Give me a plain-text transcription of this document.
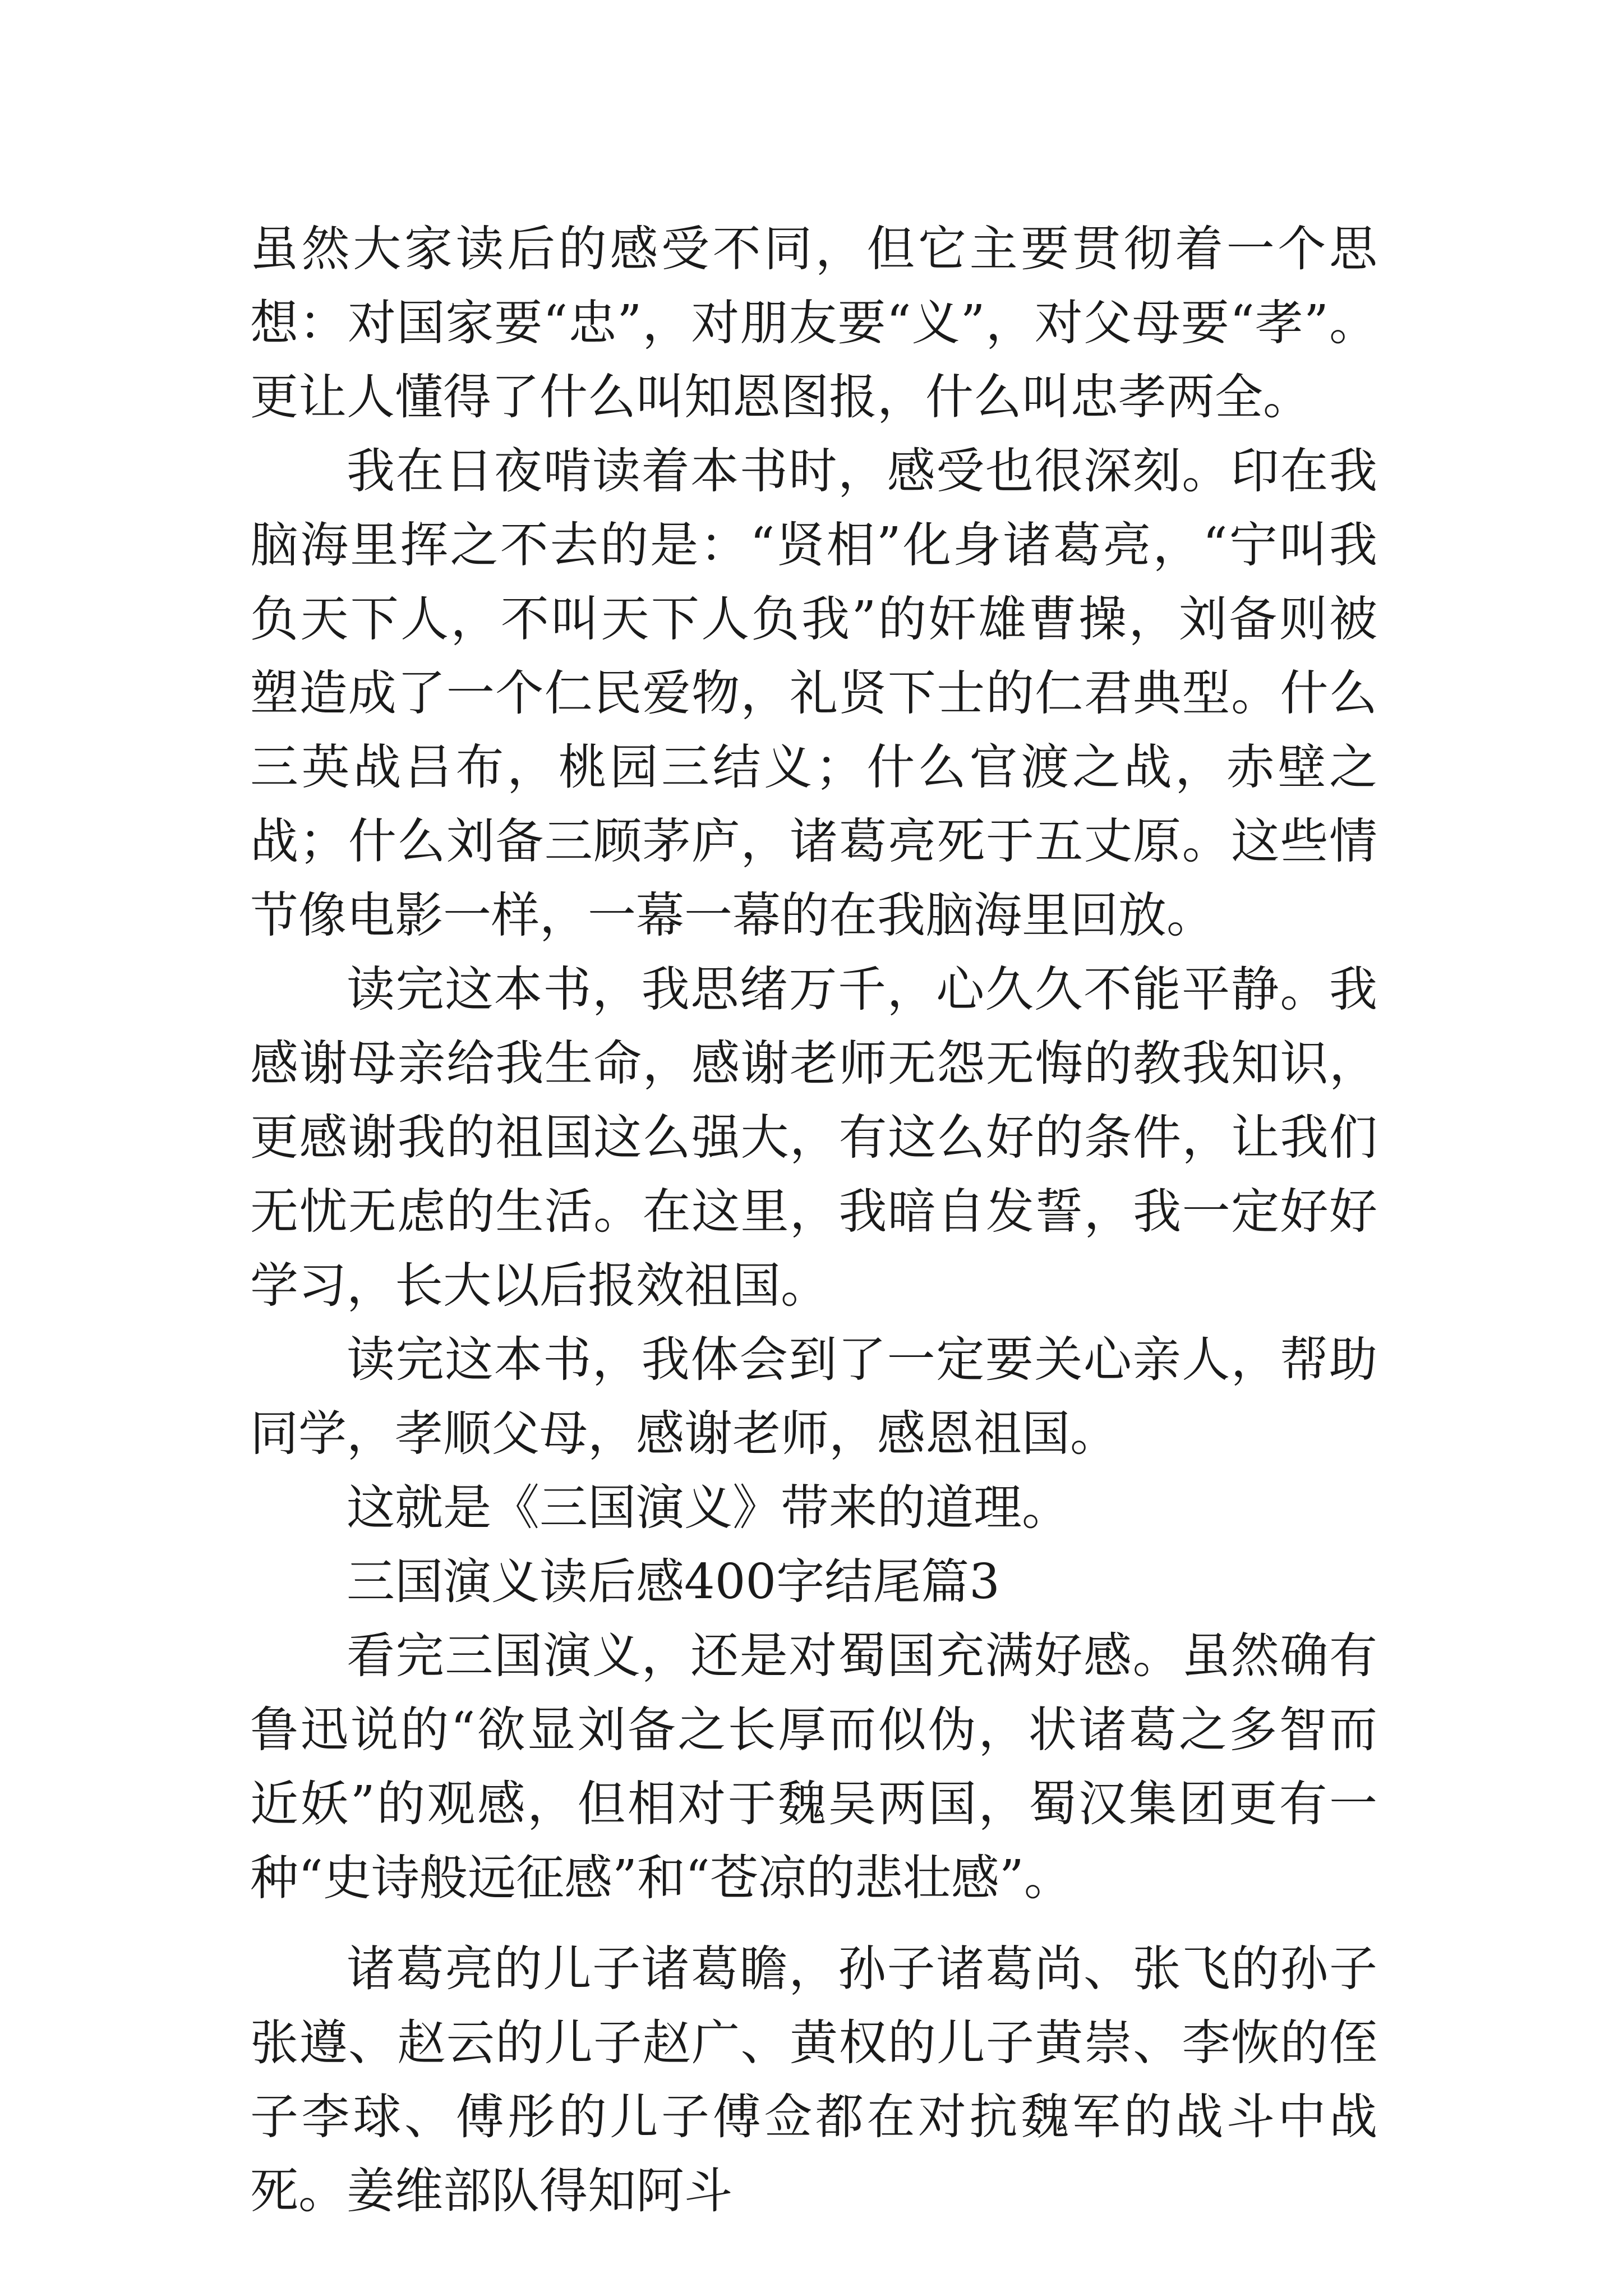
虽然大家读后的感受不同，但它主要贯彻着一个思想：对国家要“忠”，对朋友要“义”，对父母要“孝”。更让人懂得了什么叫知恩图报，什么叫忠孝两全。

我在日夜啃读着本书时，感受也很深刻。印在我脑海里挥之不去的是：“贤相”化身诸葛亮，“宁叫我负天下人，不叫天下人负我”的奸雄曹操，刘备则被塑造成了一个仁民爱物，礼贤下士的仁君典型。什么三英战吕布，桃园三结义；什么官渡之战，赤壁之战；什么刘备三顾茅庐，诸葛亮死于五丈原。这些情节像电影一样，一幕一幕的在我脑海里回放。

读完这本书，我思绪万千，心久久不能平静。我感谢母亲给我生命，感谢老师无怨无悔的教我知识，更感谢我的祖国这么强大，有这么好的条件，让我们无忧无虑的生活。在这里，我暗自发誓，我一定好好学习，长大以后报效祖国。

读完这本书，我体会到了一定要关心亲人，帮助同学，孝顺父母，感谢老师，感恩祖国。

这就是《三国演义》带来的道理。

三国演义读后感400字结尾篇3

看完三国演义，还是对蜀国充满好感。虽然确有鲁迅说的“欲显刘备之长厚而似伪，状诸葛之多智而近妖”的观感，但相对于魏吴两国，蜀汉集团更有一种“史诗般远征感”和“苍凉的悲壮感”。

诸葛亮的儿子诸葛瞻，孙子诸葛尚、张飞的孙子张遵、赵云的儿子赵广、黄权的儿子黄崇、李恢的侄子李球、傅彤的儿子傅佥都在对抗魏军的战斗中战死。姜维部队得知阿斗
